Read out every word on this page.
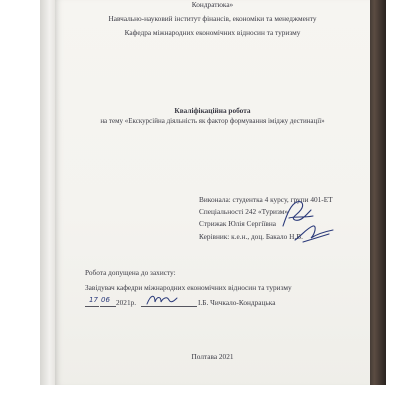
Кондратюка»
Навчально-науковий інститут фінансів, економіки та менеджменту
Кафедра міжнародних економічних відносин та туризму
Кваліфікаційна робота
на тему «Екскурсійна діяльність як фактор формування іміджу дестинації»
Виконала: студентка 4 курсу, групи 401-ЕТ
Спеціальності 242 «Туризм»
Стрижак Юлія Сергіївна
Керівник: к.е.н., доц. Бакало Н.В.
Робота допущена до захисту:
Завідувач кафедри міжнародних економічних відносин та туризму
17 06 2021р.	І.Б. Чичкало-Кондрацька
Полтава 2021
